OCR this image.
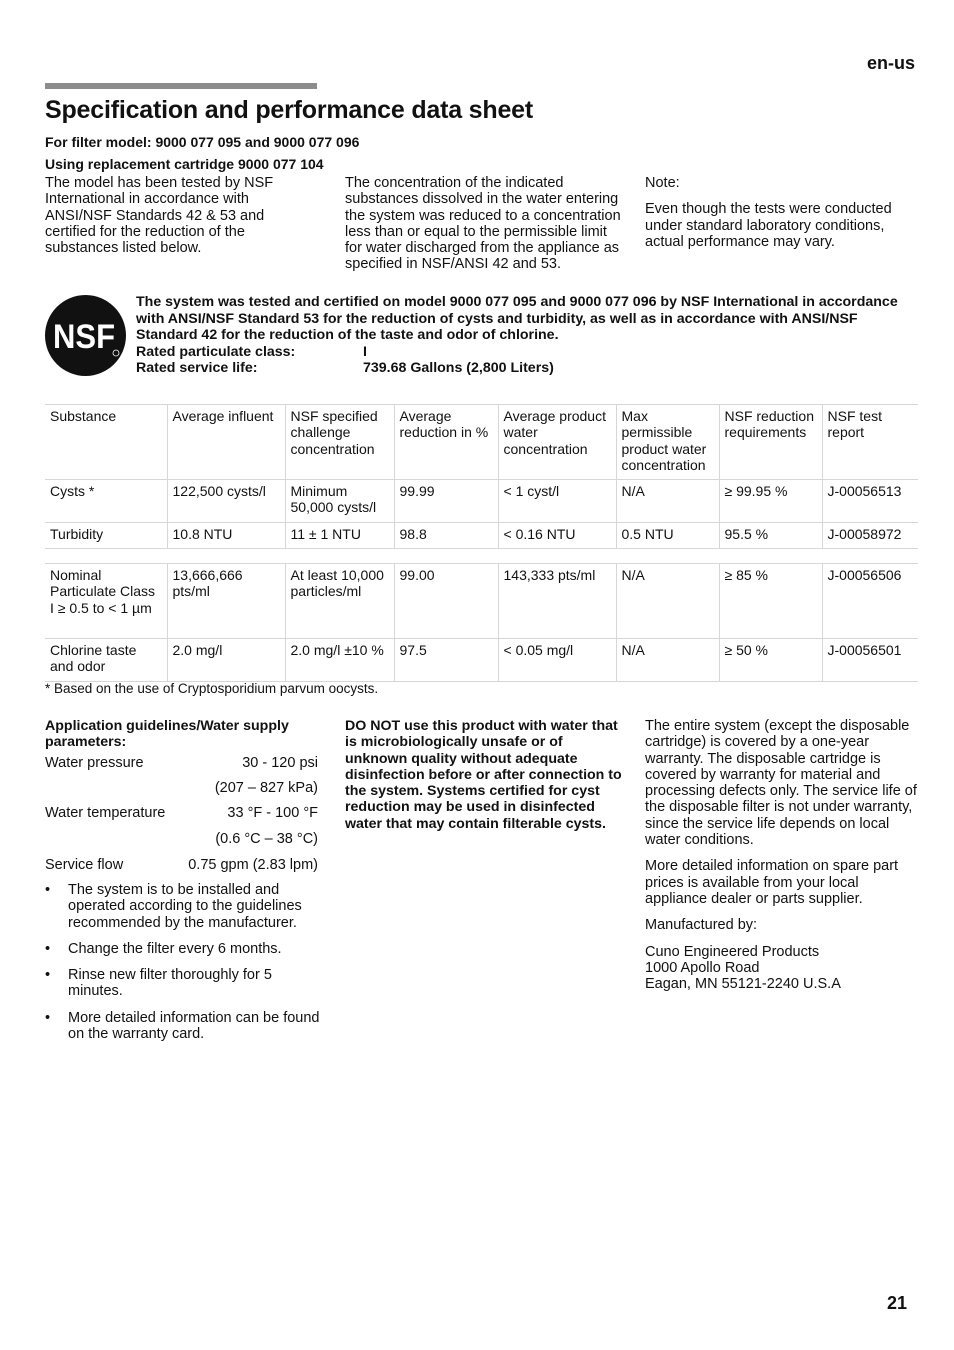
en-us
Specification and performance data sheet
For filter model: 9000 077 095 and 9000 077 096
Using replacement cartridge 9000 077 104
The model has been tested by NSF International in accordance with ANSI/NSF Standards 42 & 53 and certified for the reduction of the substances listed below.
The concentration of the indicated substances dissolved in the water entering the system was reduced to a concentration less than or equal to the permissible limit for water discharged from the appliance as specified in NSF/ANSI 42 and 53.

Note:

Even though the tests were conducted under standard laboratory conditions, actual performance may vary.

NSF
The system was tested and certified on model 9000 077 095 and 9000 077 096 by NSF International in accordance with ANSI/NSF Standard 53 for the reduction of cysts and turbidity, as well as in accordance with ANSI/NSF Standard 42 for the reduction of the taste and odor of chlorine.
Rated particulate class:	I
Rated service life:	739.68 Gallons (2,800 Liters)
Substance	Average influent	NSF specified challenge concentration	Average reduction in %	Average product water concentration	Max permissible product water concentration	NSF reduction requirements	NSF test report
Cysts *	122,500 cysts/l	Minimum 50,000 cysts/l	99.99	< 1 cyst/l	N/A	≥ 99.95 %	J-00056513
Turbidity	10.8 NTU	11 ± 1 NTU	98.8	< 0.16 NTU	0.5 NTU	95.5 %	J-00058972

Nominal Particulate Class I ≥ 0.5 to < 1 µm	13,666,666 pts/ml	At least 10,000 particles/ml	99.00	143,333 pts/ml	N/A	≥ 85 %	J-00056506
Chlorine taste and odor	2.0 mg/l	2.0 mg/l ±10 %	97.5	< 0.05 mg/l	N/A	≥ 50 %	J-00056501
* Based on the use of Cryptosporidium parvum oocysts.
Application guidelines/Water supply parameters:
Water pressure	30 - 120 psi
(207 – 827 kPa)
Water temperature	33 °F - 100 °F
(0.6 °C – 38 °C)
Service flow	0.75 gpm (2.83 lpm)
•	The system is to be installed and operated according to the guidelines recommended by the manufacturer.
•	Change the filter every 6 months.
•	Rinse new filter thoroughly for 5 minutes.
•	More detailed information can be found on the warranty card.
DO NOT use this product with water that is microbiologically unsafe or of unknown quality without adequate disinfection before or after connection to the system. Systems certified for cyst reduction may be used in disinfected water that may contain filterable cysts.

The entire system (except the disposable cartridge) is covered by a one-year warranty. The disposable cartridge is covered by warranty for material and processing defects only. The service life of the disposable filter is not under warranty, since the service life depends on local water conditions.

More detailed information on spare part prices is available from your local appliance dealer or parts supplier.

Manufactured by:

Cuno Engineered Products
1000 Apollo Road
Eagan, MN 55121-2240 U.S.A
21
